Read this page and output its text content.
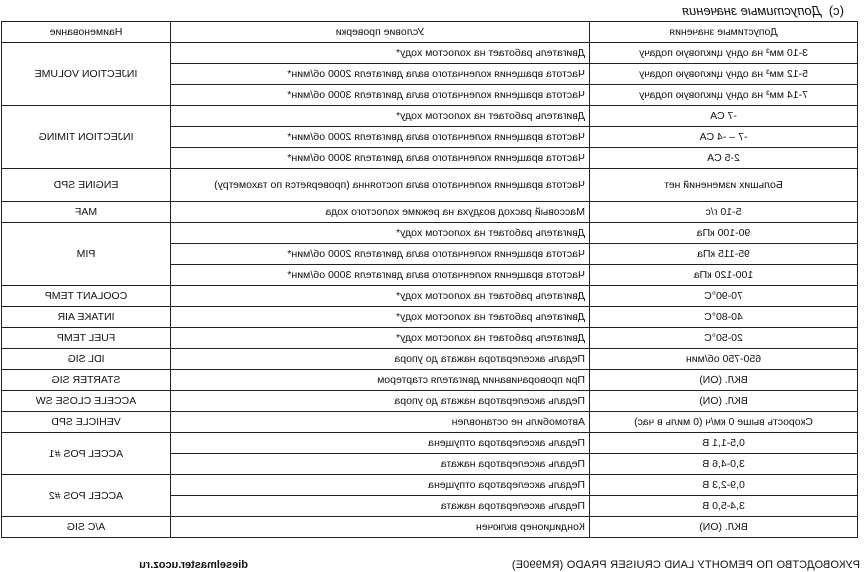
(c)Допустимые значения
Допустимые значения	Условие проверки	Наименование
3-10 мм³ на одну цикловую подачу	Двигатель работает на холостом ходу*	INJECTION VOLUME
5-12 мм³ на одну цикловую подачу	Частота вращения коленчатого вала двигателя 2000 об/мин*	
7-14 мм³ на одну цикловую подачу	Частота вращения коленчатого вала двигателя 3000 об/мин*	
-7 CA	Двигатель работает на холостом ходу*	INJECTION TIMING
-7 – -4 CA	Частота вращения коленчатого вала двигателя 2000 об/мин*	
2-5 CA	Частота вращения коленчатого вала двигателя 3000 об/мин*	
Больших изменений нет	Частота вращения коленчатого вала постоянна (проверяется по тахометру)	ENGINE SPD
5-10 г/с	Массовый расход воздуха на режиме холостого хода	MAF
90-100 кПа	Двигатель работает на холостом ходу*	PIM
95-115 кПа	Частота вращения коленчатого вала двигателя 2000 об/мин*	
100-120 кПа	Частота вращения коленчатого вала двигателя 3000 об/мин*	
70-90°C	Двигатель работает на холостом ходу*	COOLANT TEMP
40-80°C	Двигатель работает на холостом ходу*	INTAKE AIR
20-50°C	Двигатель работает на холостом ходу*	FUEL TEMP
650-750 об/мин	Педаль акселератора нажата до упора	IDL SIG
ВКЛ. (ON)	При проворачивании двигателя стартером	STARTER SIG
ВКЛ. (ON)	Педаль акселератора нажата до упора	ACCELE CLOSE SW
Скорость выше 0 км/ч (0 миль в час)	Автомобиль не остановлен	VEHICLE SPD
0,5-1,1 В	Педаль акселератора отпущена	ACCEL POS #1
3,0-4,6 В	Педаль акселератора нажата	
0,9-2,3 В	Педаль акселератора отпущена	ACCEL POS #2
3,4-5,0 В	Педаль акселератора нажата	
ВКЛ. (ON)	Кондиционер включен	A/C SIG
РУКОВОДСТВО ПО РЕМОНТУ LAND CRUISER PRADO (RM990E)
dieselmaster.ucoz.ru
